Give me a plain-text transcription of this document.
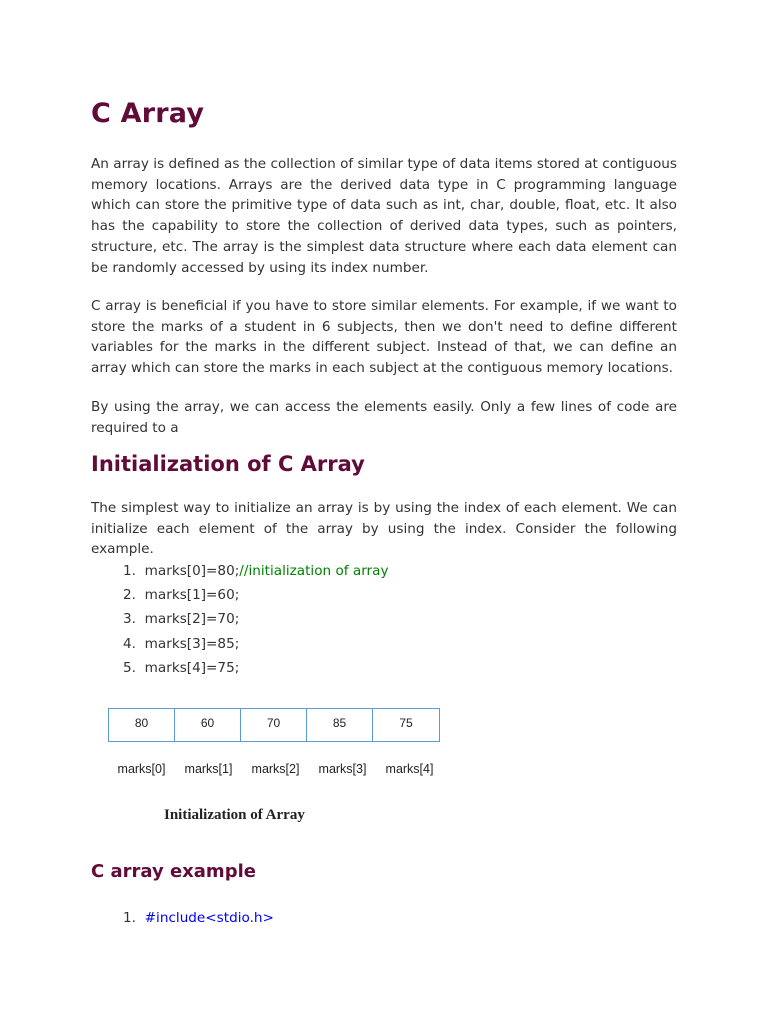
C Array

An array is defined as the collection of similar type of data items stored at contiguous memory locations. Arrays are the derived data type in C programming language which can store the primitive type of data such as int, char, double, float, etc. It also has the capability to store the collection of derived data types, such as pointers, structure, etc. The array is the simplest data structure where each data element can be randomly accessed by using its index number.

C array is beneficial if you have to store similar elements. For example, if we want to store the marks of a student in 6 subjects, then we don't need to define different variables for the marks in the different subject. Instead of that, we can define an array which can store the marks in each subject at the contiguous memory locations.

By using the array, we can access the elements easily. Only a few lines of code are required to a

Initialization of C Array

The simplest way to initialize an array is by using the index of each element. We can initialize each element of the array by using the index. Consider the following example.

1. marks[0]=80;//initialization of array
2. marks[1]=60;
3. marks[2]=70;
4. marks[3]=85;
5. marks[4]=75;
80	60	70	85	75
marks[0]	marks[1]	marks[2]	marks[3]	marks[4]
Initialization of Array
C array example
1. #include<stdio.h>
